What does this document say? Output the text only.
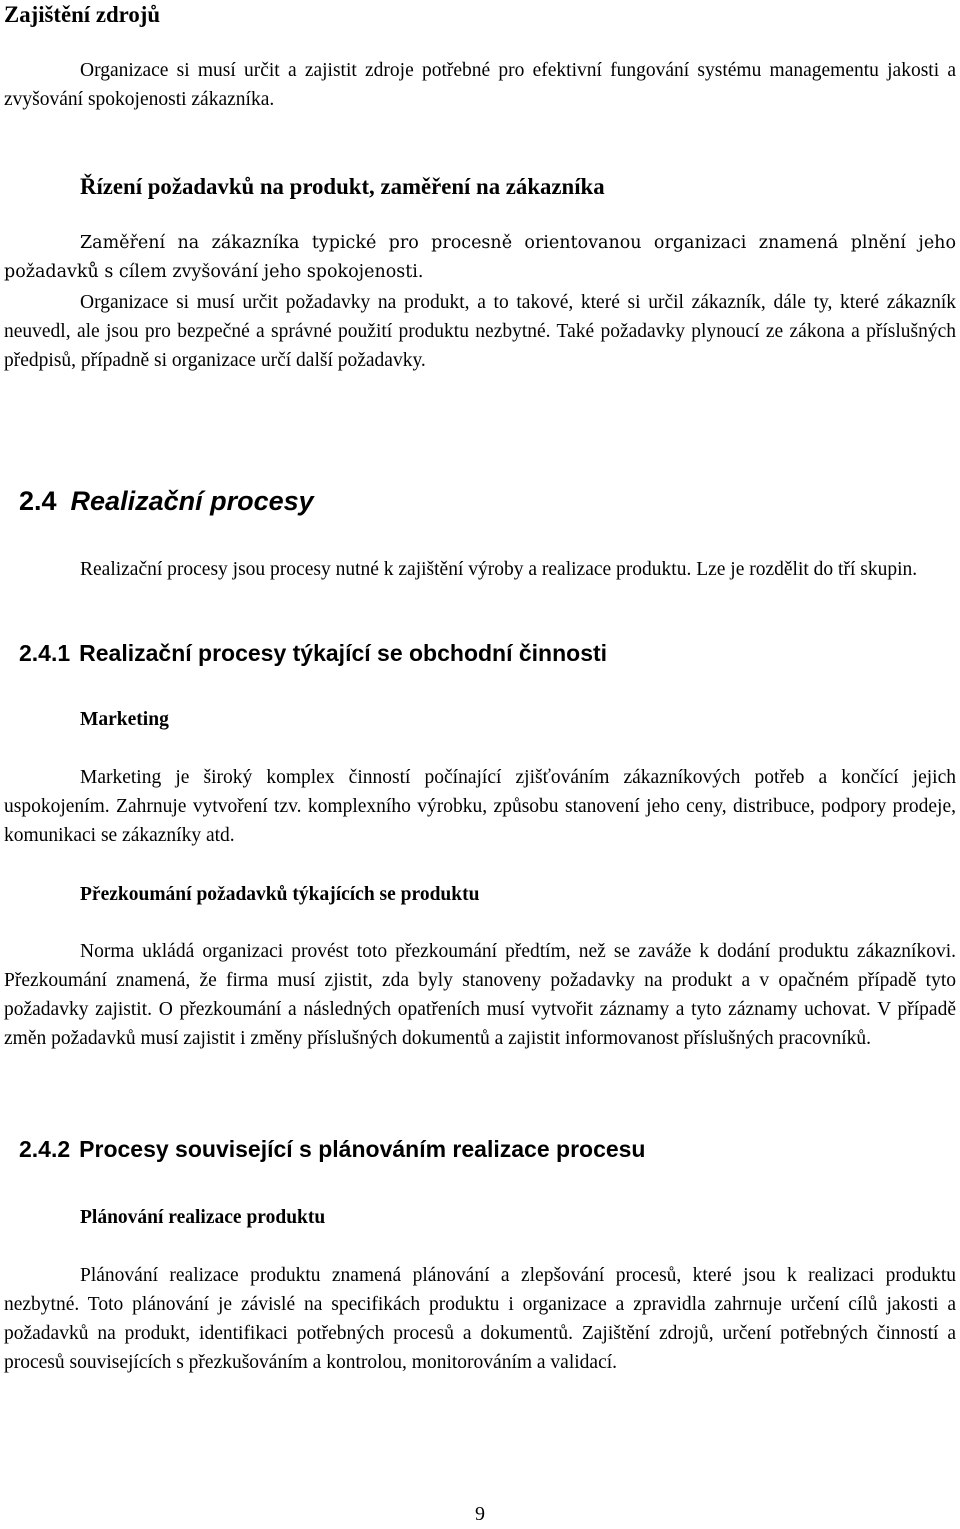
Zajištění zdrojů

Organizace si musí určit a zajistit zdroje potřebné pro efektivní fungování systému managementu jakosti a zvyšování spokojenosti zákazníka.

Řízení požadavků na produkt, zaměření na zákazníka

Zaměření na zákazníka typické pro procesně orientovanou organizaci znamená plnění jeho požadavků s cílem zvyšování jeho spokojenosti.

Organizace si musí určit požadavky na produkt, a to takové, které si určil zákazník, dále ty, které zákazník neuvedl, ale jsou pro bezpečné a správné použití produktu nezbytné. Také požadavky plynoucí ze zákona a příslušných předpisů, případně si organizace určí další požadavky.

2.4 Realizační procesy

Realizační procesy jsou procesy nutné k zajištění výroby a realizace produktu. Lze je rozdělit do tří skupin.

2.4.1 Realizační procesy týkající se obchodní činnosti
Marketing

Marketing je široký komplex činností počínající zjišťováním zákazníkových potřeb a končící jejich uspokojením. Zahrnuje vytvoření tzv. komplexního výrobku, způsobu stanovení jeho ceny, distribuce, podpory prodeje, komunikaci se zákazníky atd.

Přezkoumání požadavků týkajících se produktu

Norma ukládá organizaci provést toto přezkoumání předtím, než se zaváže k dodání produktu zákazníkovi. Přezkoumání znamená, že firma musí zjistit, zda byly stanoveny požadavky na produkt a v opačném případě tyto požadavky zajistit. O přezkoumání a následných opatřeních musí vytvořit záznamy a tyto záznamy uchovat. V případě změn požadavků musí zajistit i změny příslušných dokumentů a zajistit informovanost příslušných pracovníků.

2.4.2 Procesy související s plánováním realizace procesu
Plánování realizace produktu

Plánování realizace produktu znamená plánování a zlepšování procesů, které jsou k realizaci produktu nezbytné. Toto plánování je závislé na specifikách produktu i organizace a zpravidla zahrnuje určení cílů jakosti a požadavků na produkt, identifikaci potřebných procesů a dokumentů. Zajištění zdrojů, určení potřebných činností a procesů souvisejících s přezkušováním a kontrolou, monitorováním a validací.

9
